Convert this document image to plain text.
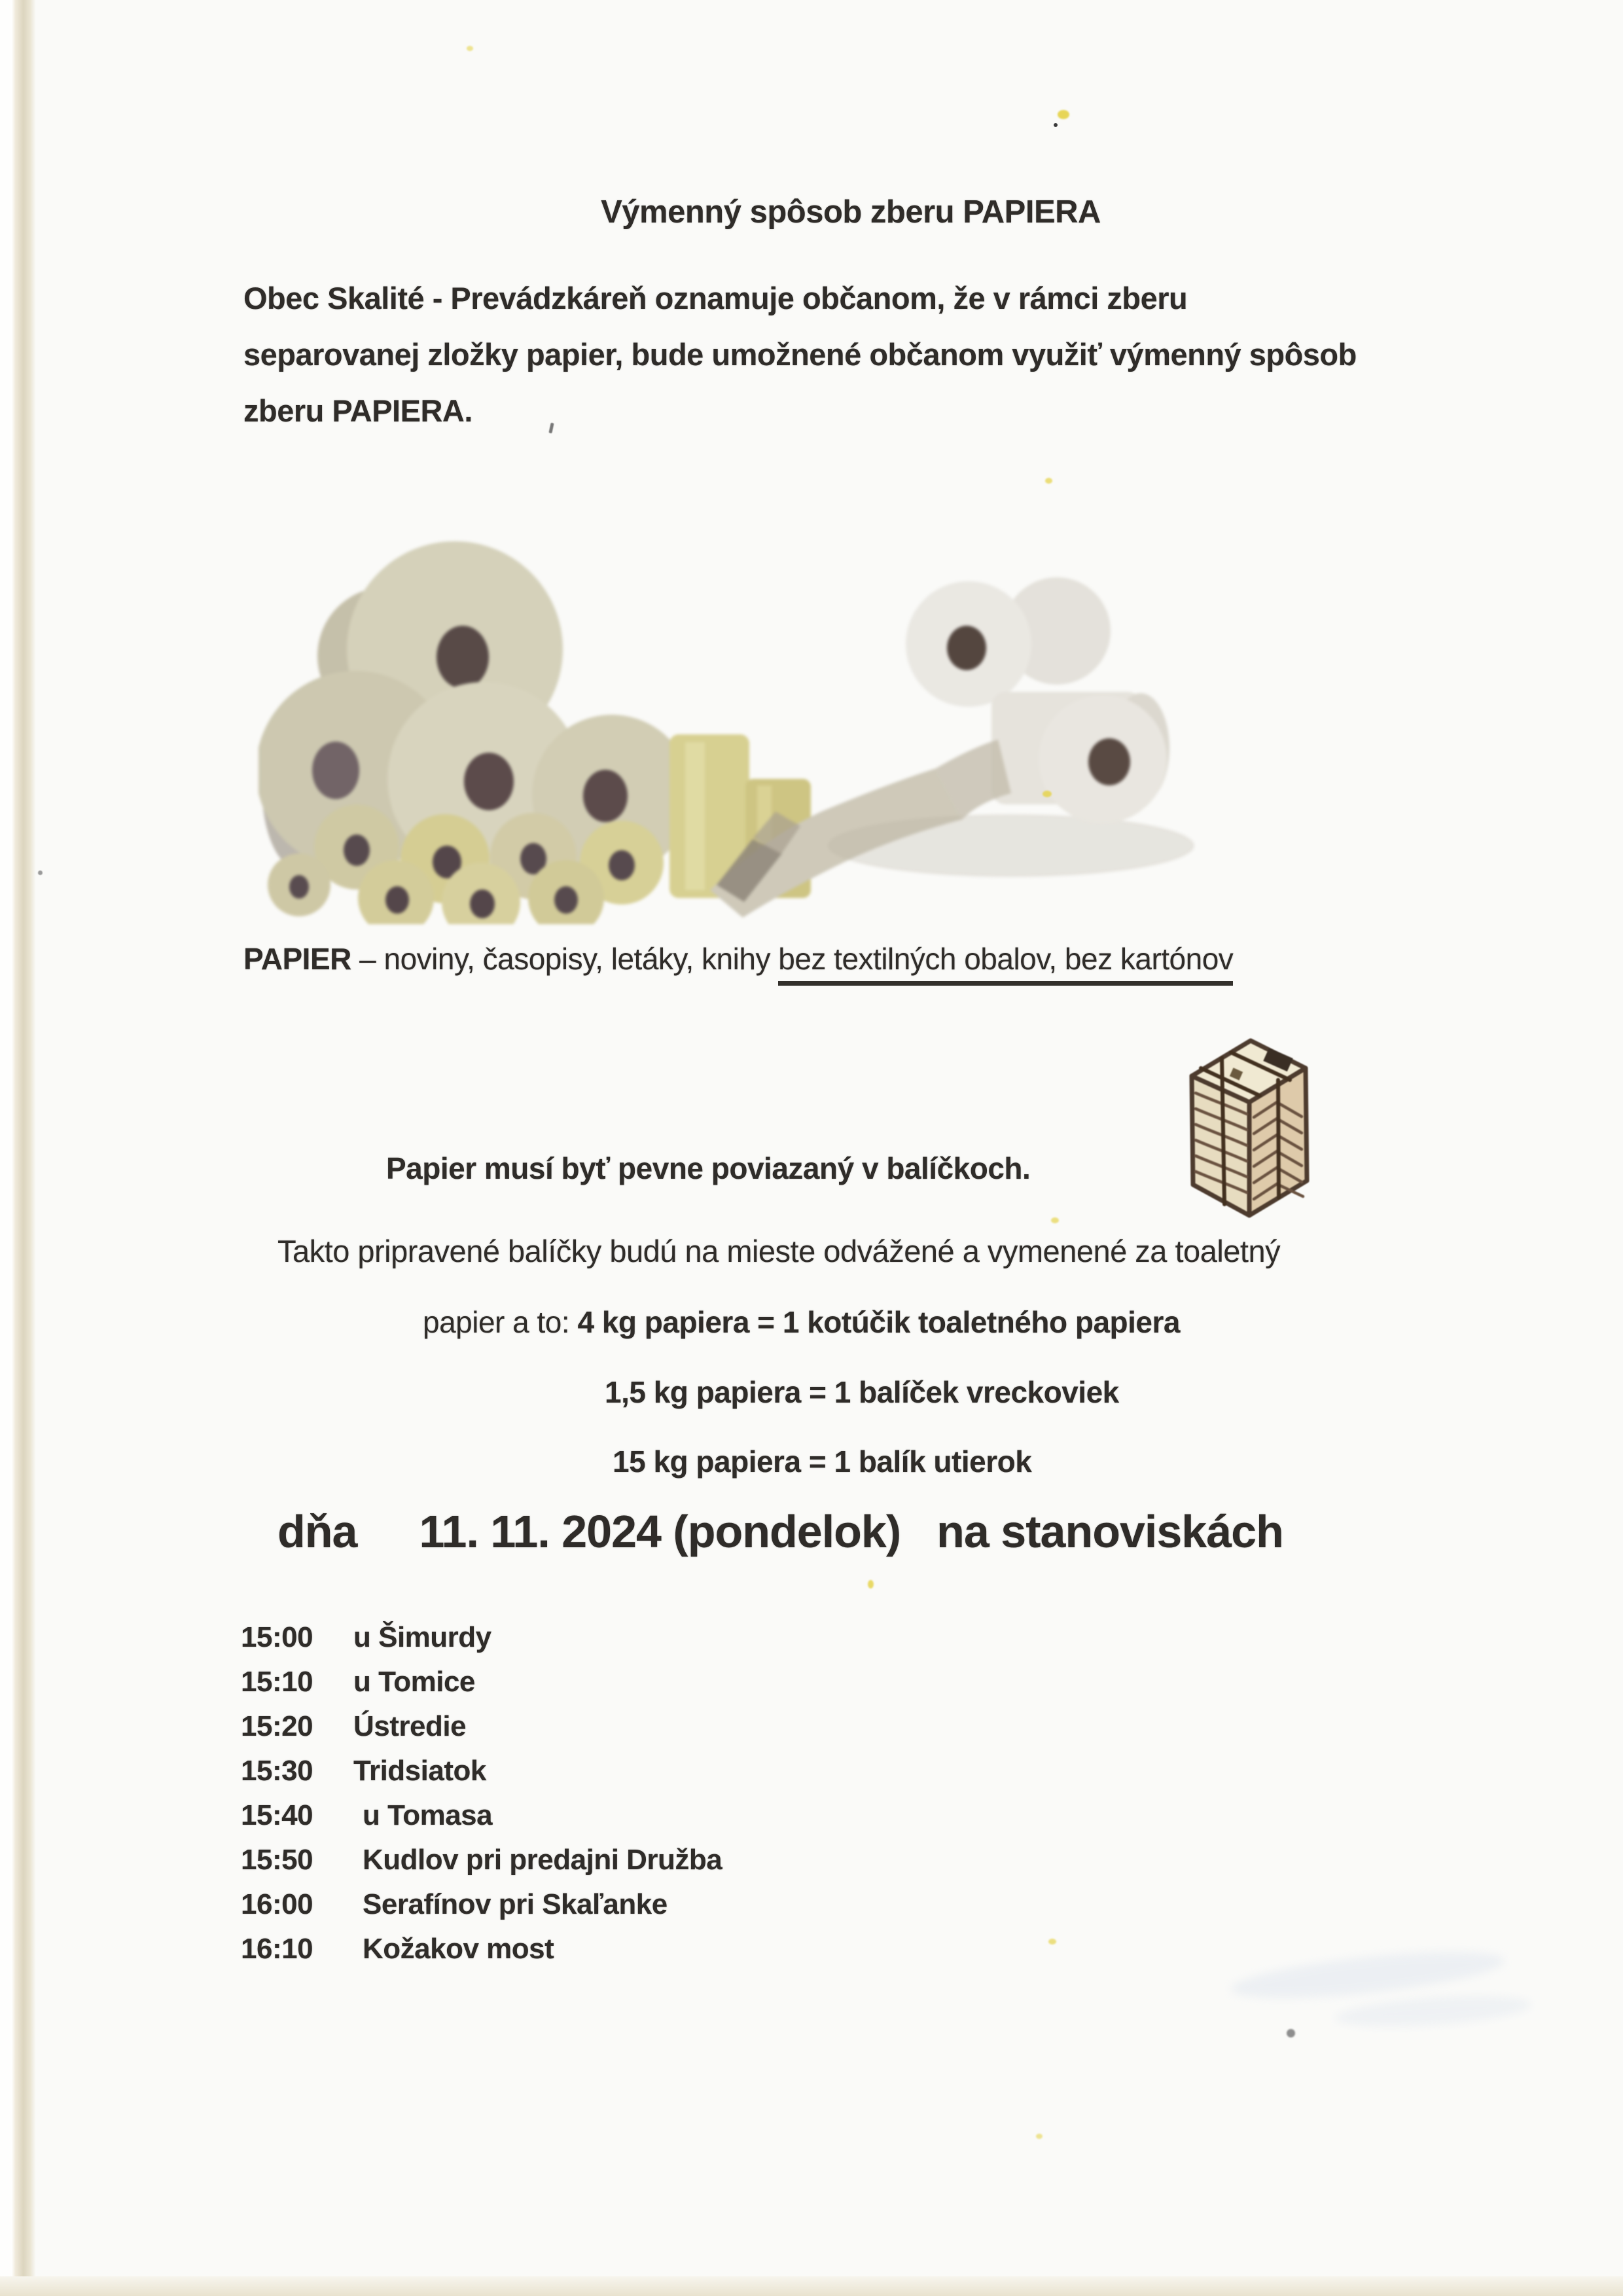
Výmenný spôsob zberu PAPIERA
Obec Skalité - Prevádzkáreň oznamuje občanom, že v rámci zberu
separovanej zložky papier, bude umožnené občanom využiť výmenný spôsob
zberu PAPIERA.
PAPIER – noviny, časopisy, letáky, knihy bez textilných obalov, bez kartónov
Papier musí byť pevne poviazaný v balíčkoch.
Takto pripravené balíčky budú na mieste odvážené a vymenené za toaletný
papier a to: 4 kg papiera = 1 kotúčik toaletného papiera
1,5 kg papiera = 1 balíček vreckoviek
15 kg papiera = 1 balík utierok
dňa 11. 11. 2024 (pondelok) na stanoviskách
15:00	u Šimurdy
15:10	u Tomice
15:20	Ústredie
15:30	Tridsiatok
15:40	u Tomasa
15:50	Kudlov pri predajni Družba
16:00	Serafínov pri Skaľanke
16:10	Kožakov most
